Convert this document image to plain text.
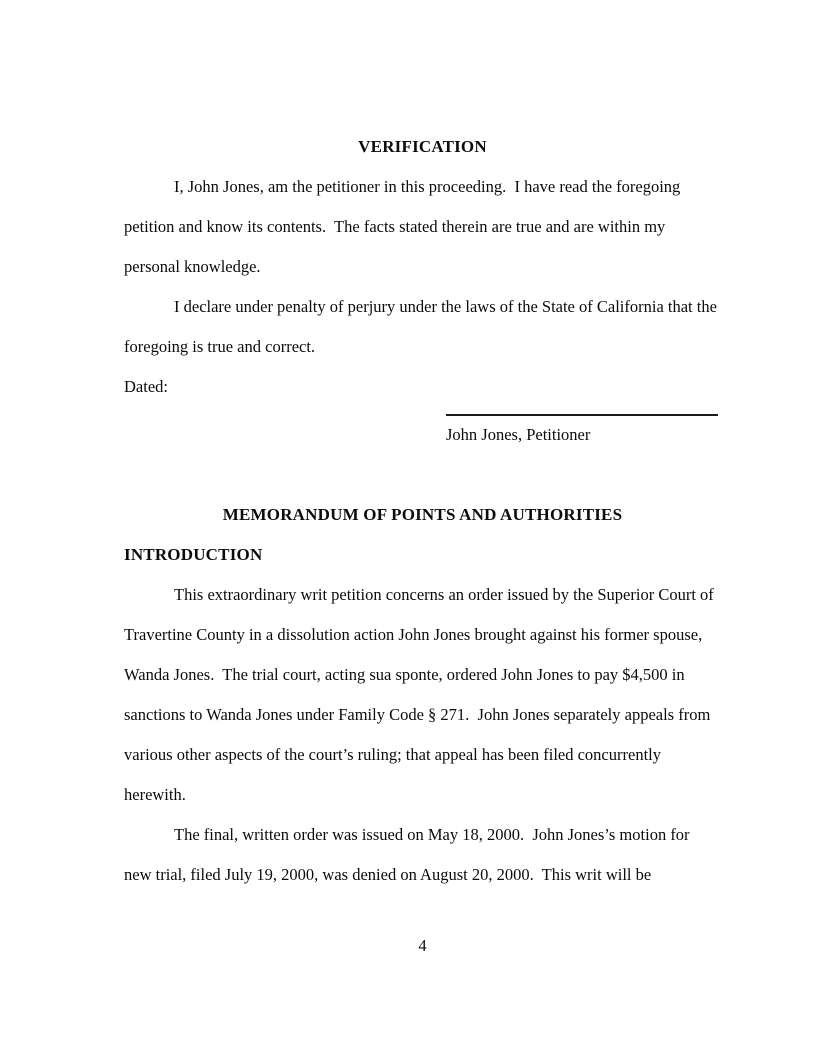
VERIFICATION

I, John Jones, am the petitioner in this proceeding.  I have read the foregoing petition and know its contents.  The facts stated therein are true and are within my personal knowledge.

I declare under penalty of perjury under the laws of the State of California that the foregoing is true and correct.

Dated:

John Jones, Petitioner
MEMORANDUM OF POINTS AND AUTHORITIES
INTRODUCTION

This extraordinary writ petition concerns an order issued by the Superior Court of Travertine County in a dissolution action John Jones brought against his former spouse, Wanda Jones.  The trial court, acting sua sponte, ordered John Jones to pay $4,500 in sanctions to Wanda Jones under Family Code § 271.  John Jones separately appeals from various other aspects of the court’s ruling; that appeal has been filed concurrently herewith.

The final, written order was issued on May 18, 2000.  John Jones’s motion for new trial, filed July 19, 2000, was denied on August 20, 2000.  This writ will be

4
